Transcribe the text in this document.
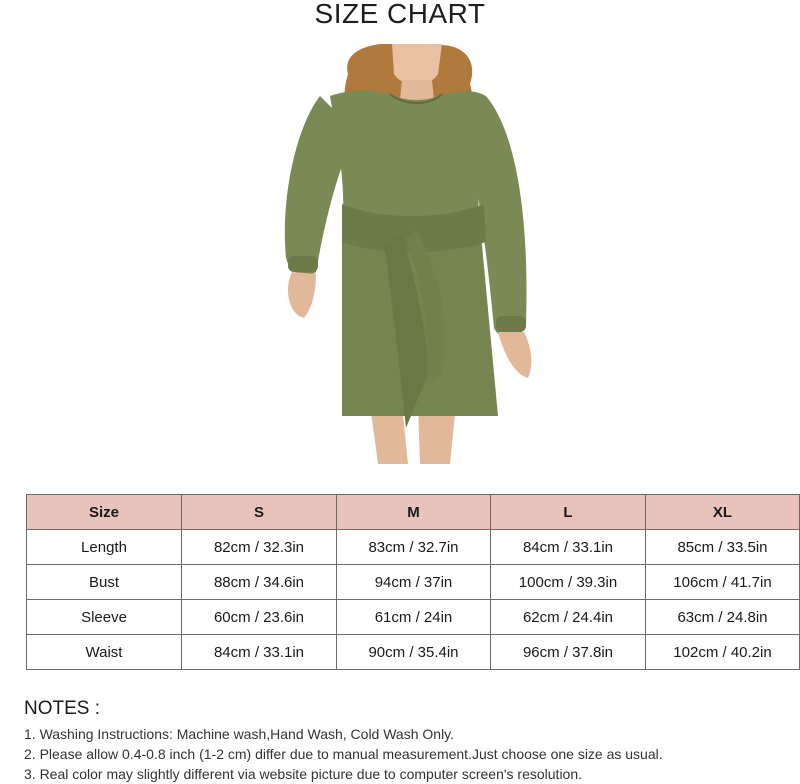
SIZE CHART
Size	S	M	L	XL
Length	82cm / 32.3in	83cm / 32.7in	84cm / 33.1in	85cm / 33.5in
Bust	88cm / 34.6in	94cm / 37in	100cm / 39.3in	106cm / 41.7in
Sleeve	60cm / 23.6in	61cm / 24in	62cm / 24.4in	63cm / 24.8in
Waist	84cm / 33.1in	90cm / 35.4in	96cm / 37.8in	102cm / 40.2in
NOTES :
1. Washing Instructions: Machine wash,Hand Wash, Cold Wash Only.
2. Please allow 0.4-0.8 inch (1-2 cm) differ due to manual measurement.Just choose one size as usual.
3. Real color may slightly different via website picture due to computer screen's resolution.
